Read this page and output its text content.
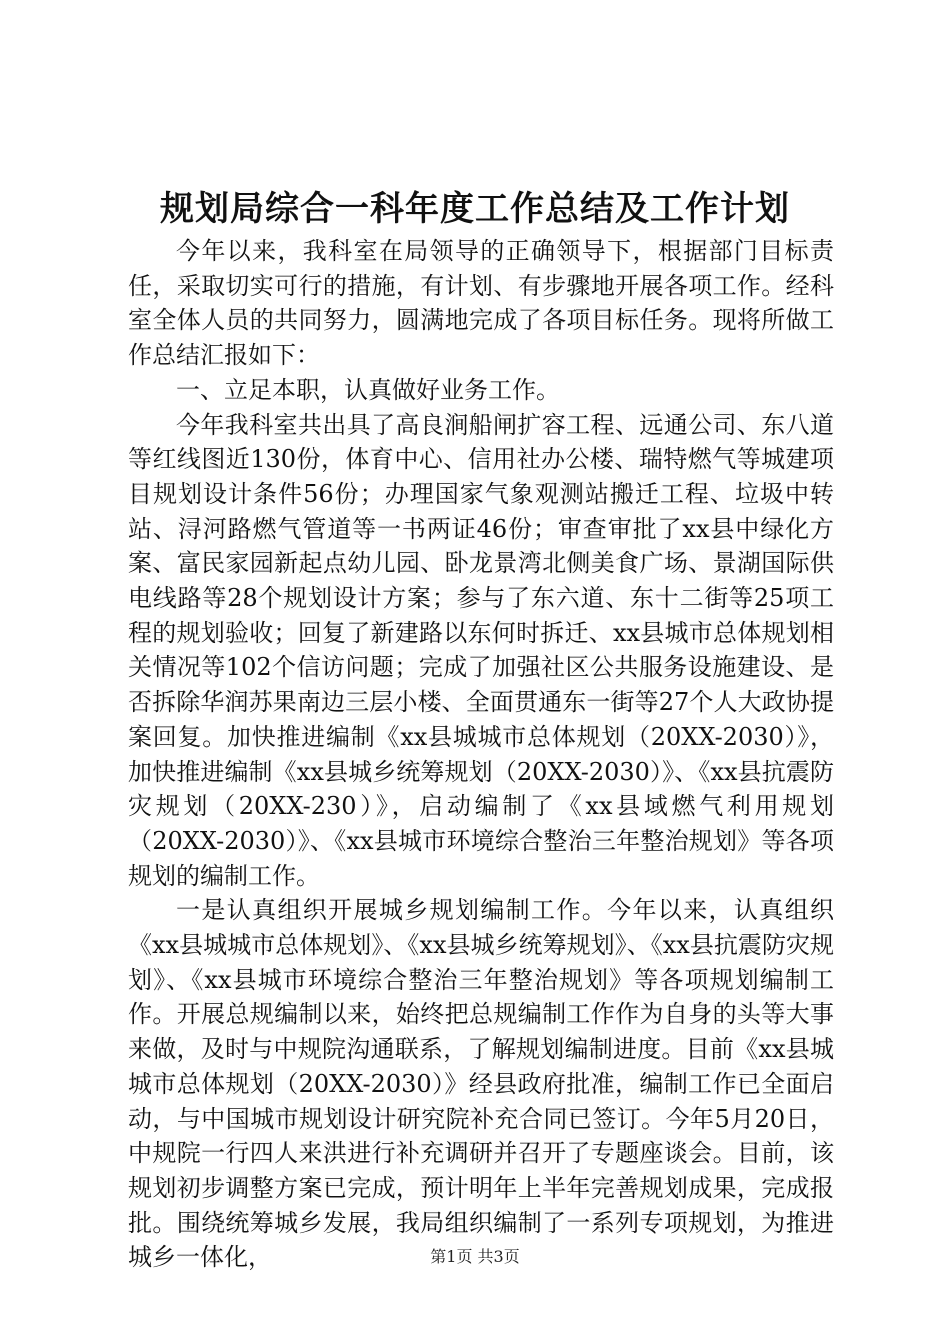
规划局综合一科年度工作总结及工作计划

今年以来，我科室在局领导的正确领导下，根据部门目标责任，采取切实可行的措施，有计划、有步骤地开展各项工作。经科室全体人员的共同努力，圆满地完成了各项目标任务。现将所做工作总结汇报如下：

一、立足本职，认真做好业务工作。

今年我科室共出具了高良涧船闸扩容工程、远通公司、东八道等红线图近130份，体育中心、信用社办公楼、瑞特燃气等城建项目规划设计条件56份；办理国家气象观测站搬迁工程、垃圾中转站、浔河路燃气管道等一书两证46份；审查审批了xx县中绿化方案、富民家园新起点幼儿园、卧龙景湾北侧美食广场、景湖国际供电线路等28个规划设计方案；参与了东六道、东十二街等25项工程的规划验收；回复了新建路以东何时拆迁、xx县城市总体规划相关情况等102个信访问题；完成了加强社区公共服务设施建设、是否拆除华润苏果南边三层小楼、全面贯通东一街等27个人大政协提案回复。加快推进编制《xx县城城市总体规划（20XX-2030）》，加快推进编制《xx县城乡统筹规划（20XX-2030）》、《xx县抗震防灾规划（20XX-230）》，启动编制了《xx县域燃气利用规划（20XX-2030）》、《xx县城市环境综合整治三年整治规划》等各项规划的编制工作。

一是认真组织开展城乡规划编制工作。今年以来，认真组织《xx县城城市总体规划》、《xx县城乡统筹规划》、《xx县抗震防灾规划》、《xx县城市环境综合整治三年整治规划》等各项规划编制工作。开展总规编制以来，始终把总规编制工作作为自身的头等大事来做，及时与中规院沟通联系，了解规划编制进度。目前《xx县城城市总体规划（20XX-2030）》经县政府批准，编制工作已全面启动，与中国城市规划设计研究院补充合同已签订。今年5月20日，中规院一行四人来洪进行补充调研并召开了专题座谈会。目前，该规划初步调整方案已完成，预计明年上半年完善规划成果，完成报批。围绕统筹城乡发展，我局组织编制了一系列专项规划，为推进城乡一体化，	第1页 共3页
